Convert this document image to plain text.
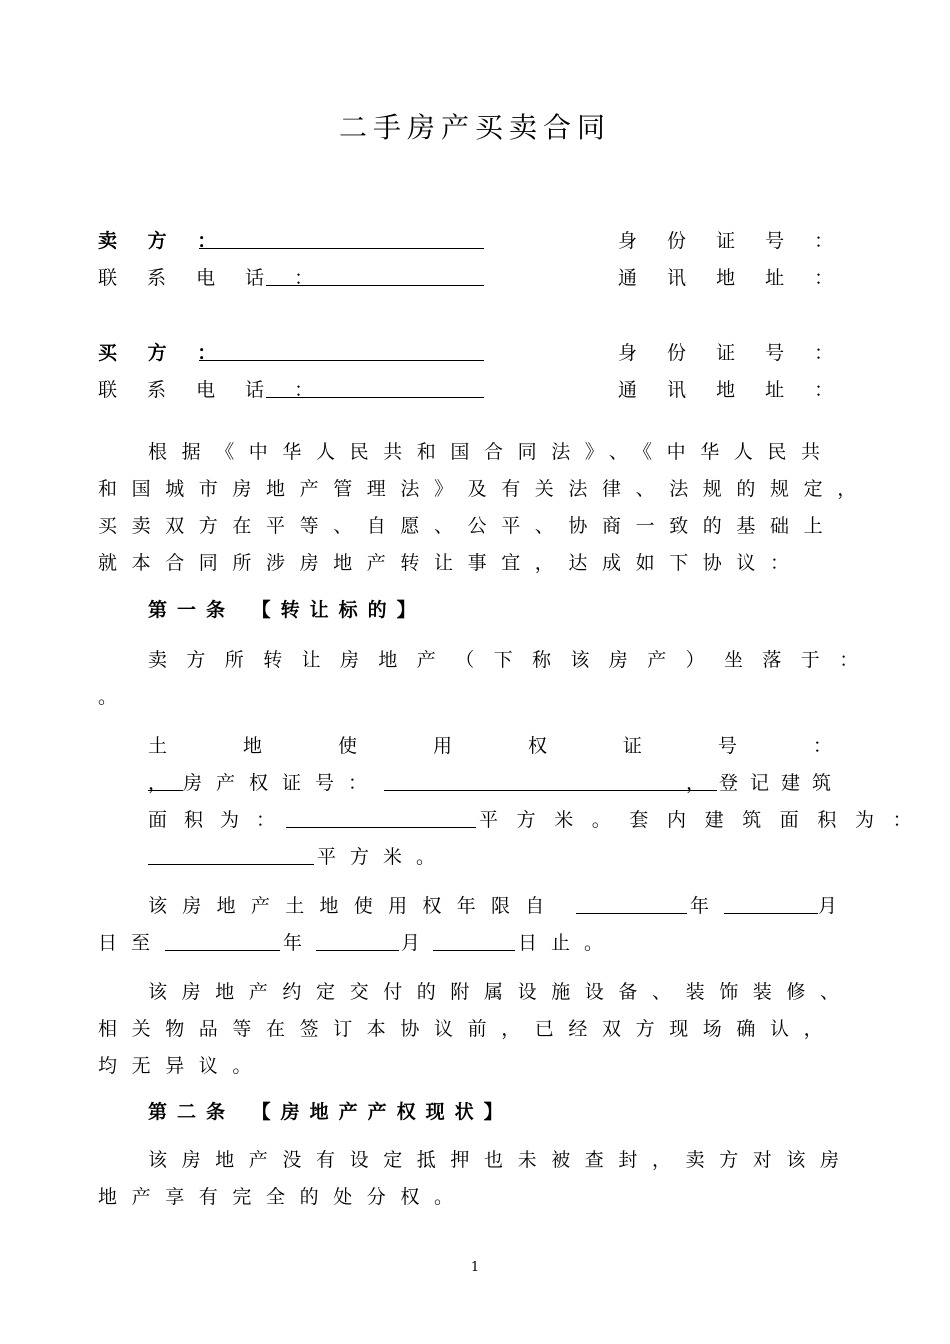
二手房产买卖合同
卖 方 ：	身 份 证 号 ：
联 系 电 话 ：	通 讯 地 址 ：
买 方 ：	身 份 证 号 ：
联 系 电 话 ：	通 讯 地 址 ：
根据《中华人民共和国合同法》、《中华人民共
和国城市房地产管理法》及有关法律、法规的规定，
买卖双方在平等、自愿、公平、协商一致的基础上
就本合同所涉房地产转让事宜，达成如下协议：
第一条 【转让标的】
卖方所转让房地产（下称该房产）坐落于：
。
土	地	使	用	权	证	号	：
， 房产权证号：	， 登记建筑
面积为：	平方米。套内建筑面积为：
平方米。
该房地产土地使用权年限自	年	月
日至	年	月	日止。
该房地产约定交付的附属设施设备、装饰装修、
相关物品等在签订本协议前，已经双方现场确认，
均无异议。
第二条 【房地产产权现状】
该房地产没有设定抵押也未被查封，卖方对该房
地产享有完全的处分权。
1
